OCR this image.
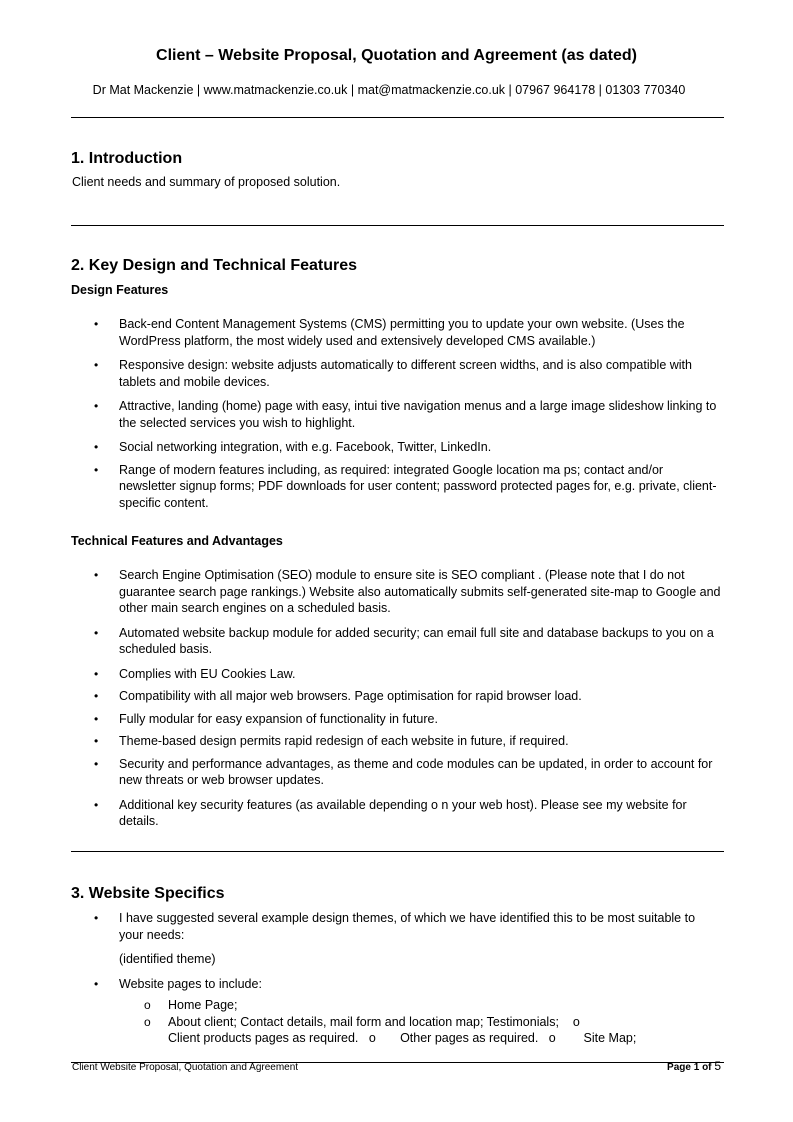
Client – Website Proposal, Quotation and Agreement (as dated)
Dr Mat Mackenzie | www.matmackenzie.co.uk | mat@matmackenzie.co.uk | 07967 964178 | 01303 770340
1. Introduction
Client needs and summary of proposed solution.
2. Key Design and Technical Features
Design Features
• Back-end Content Management Systems (CMS) permitting you to update your own website. (Uses the WordPress platform, the most widely used and extensively developed CMS available.)
• Responsive design: website adjusts automatically to different screen widths, and is also compatible with tablets and mobile devices.
• Attractive, landing (home) page with easy, intui tive navigation menus and a large image slideshow linking to the selected services you wish to highlight.
• Social networking integration, with e.g. Facebook, Twitter, LinkedIn.
• Range of modern features including, as required: integrated Google location ma ps; contact and/or newsletter signup forms; PDF downloads for user content; password protected pages for, e.g. private, client-specific content.
Technical Features and Advantages
• Search Engine Optimisation (SEO) module to ensure site is SEO compliant . (Please note that I do not guarantee search page rankings.) Website also automatically submits self-generated site-map to Google and other main search engines on a scheduled basis.
• Automated website backup module for added security; can email full site and database backups to you on a scheduled basis.
• Complies with EU Cookies Law.
• Compatibility with all major web browsers. Page optimisation for rapid browser load.
• Fully modular for easy expansion of functionality in future.
• Theme-based design permits rapid redesign of each website in future, if required.
• Security and performance advantages, as theme and code modules can be updated, in order to account for new threats or web browser updates.
• Additional key security features (as available depending o n your web host). Please see my website for details.
3. Website Specifics
• I have suggested several example design themes, of which we have identified this to be most suitable to your needs:
(identified theme)
• Website pages to include:
o Home Page;
o About client; Contact details, mail form and location map; Testimonials; o
Client products pages as required. o Other pages as required. o Site Map;
Client Website Proposal, Quotation and Agreement	Page 1 of 5
